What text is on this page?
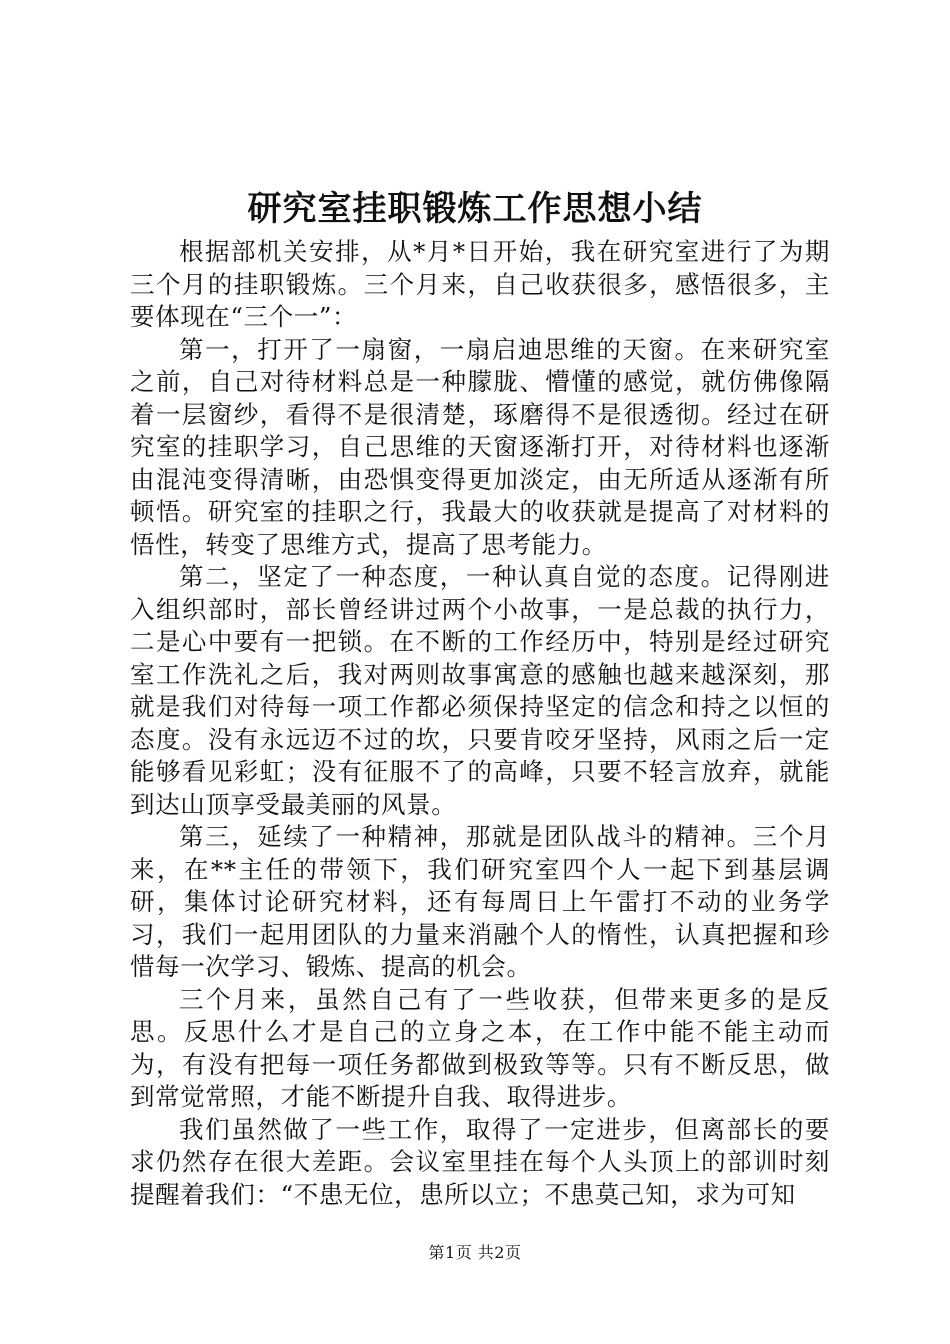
研究室挂职锻炼工作思想小结

根据部机关安排，从*月*日开始，我在研究室进行了为期三个月的挂职锻炼。三个月来，自己收获很多，感悟很多，主要体现在“三个一”：

第一，打开了一扇窗，一扇启迪思维的天窗。在来研究室之前，自己对待材料总是一种朦胧、懵懂的感觉，就仿佛像隔着一层窗纱，看得不是很清楚，琢磨得不是很透彻。经过在研究室的挂职学习，自己思维的天窗逐渐打开，对待材料也逐渐由混沌变得清晰，由恐惧变得更加淡定，由无所适从逐渐有所顿悟。研究室的挂职之行，我最大的收获就是提高了对材料的悟性，转变了思维方式，提高了思考能力。

第二，坚定了一种态度，一种认真自觉的态度。记得刚进入组织部时，部长曾经讲过两个小故事，一是总裁的执行力，二是心中要有一把锁。在不断的工作经历中，特别是经过研究室工作洗礼之后，我对两则故事寓意的感触也越来越深刻，那就是我们对待每一项工作都必须保持坚定的信念和持之以恒的态度。没有永远迈不过的坎，只要肯咬牙坚持，风雨之后一定能够看见彩虹；没有征服不了的高峰，只要不轻言放弃，就能到达山顶享受最美丽的风景。

第三，延续了一种精神，那就是团队战斗的精神。三个月来，在**主任的带领下，我们研究室四个人一起下到基层调研，集体讨论研究材料，还有每周日上午雷打不动的业务学习，我们一起用团队的力量来消融个人的惰性，认真把握和珍惜每一次学习、锻炼、提高的机会。

三个月来，虽然自己有了一些收获，但带来更多的是反思。反思什么才是自己的立身之本，在工作中能不能主动而为，有没有把每一项任务都做到极致等等。只有不断反思，做到常觉常照，才能不断提升自我、取得进步。

我们虽然做了一些工作，取得了一定进步，但离部长的要求仍然存在很大差距。会议室里挂在每个人头顶上的部训时刻提醒着我们：“不患无位，患所以立；不患莫己知，求为可知

第1页 共2页
